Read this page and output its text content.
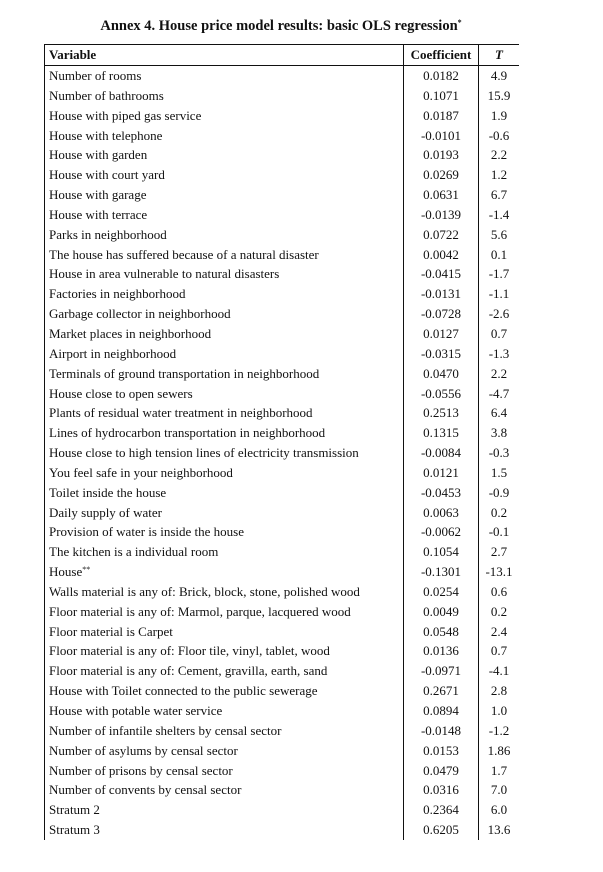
Annex 4. House price model results: basic OLS regression*
Variable	Coefficient	T
Number of rooms	0.0182	4.9
Number of bathrooms	0.1071	15.9
House with piped gas service	0.0187	1.9
House with telephone	-0.0101	-0.6
House with garden	0.0193	2.2
House with court yard	0.0269	1.2
House with garage	0.0631	6.7
House with terrace	-0.0139	-1.4
Parks in neighborhood	0.0722	5.6
The house has suffered because of a natural disaster	0.0042	0.1
House in area vulnerable to natural disasters	-0.0415	-1.7
Factories in neighborhood	-0.0131	-1.1
Garbage collector in neighborhood	-0.0728	-2.6
Market places in neighborhood	0.0127	0.7
Airport in neighborhood	-0.0315	-1.3
Terminals of ground transportation in neighborhood	0.0470	2.2
House close to open sewers	-0.0556	-4.7
Plants of residual water treatment in neighborhood	0.2513	6.4
Lines of hydrocarbon transportation in neighborhood	0.1315	3.8
House close to high tension lines of electricity transmission	-0.0084	-0.3
You feel safe in your neighborhood	0.0121	1.5
Toilet inside the house	-0.0453	-0.9
Daily supply of water	0.0063	0.2
Provision of water is inside the house	-0.0062	-0.1
The kitchen is a individual room	0.1054	2.7
House**	-0.1301	-13.1
Walls material is any of: Brick, block, stone, polished wood	0.0254	0.6
Floor material is any of: Marmol, parque, lacquered wood	0.0049	0.2
Floor material is Carpet	0.0548	2.4
Floor material is any of: Floor tile, vinyl, tablet, wood	0.0136	0.7
Floor material is any of: Cement, gravilla, earth, sand	-0.0971	-4.1
House with Toilet connected to the public sewerage	0.2671	2.8
House with potable water service	0.0894	1.0
Number of infantile shelters by censal sector	-0.0148	-1.2
Number of asylums by censal sector	0.0153	1.86
Number of prisons by censal sector	0.0479	1.7
Number of convents by censal sector	0.0316	7.0
Stratum 2	0.2364	6.0
Stratum 3	0.6205	13.6
